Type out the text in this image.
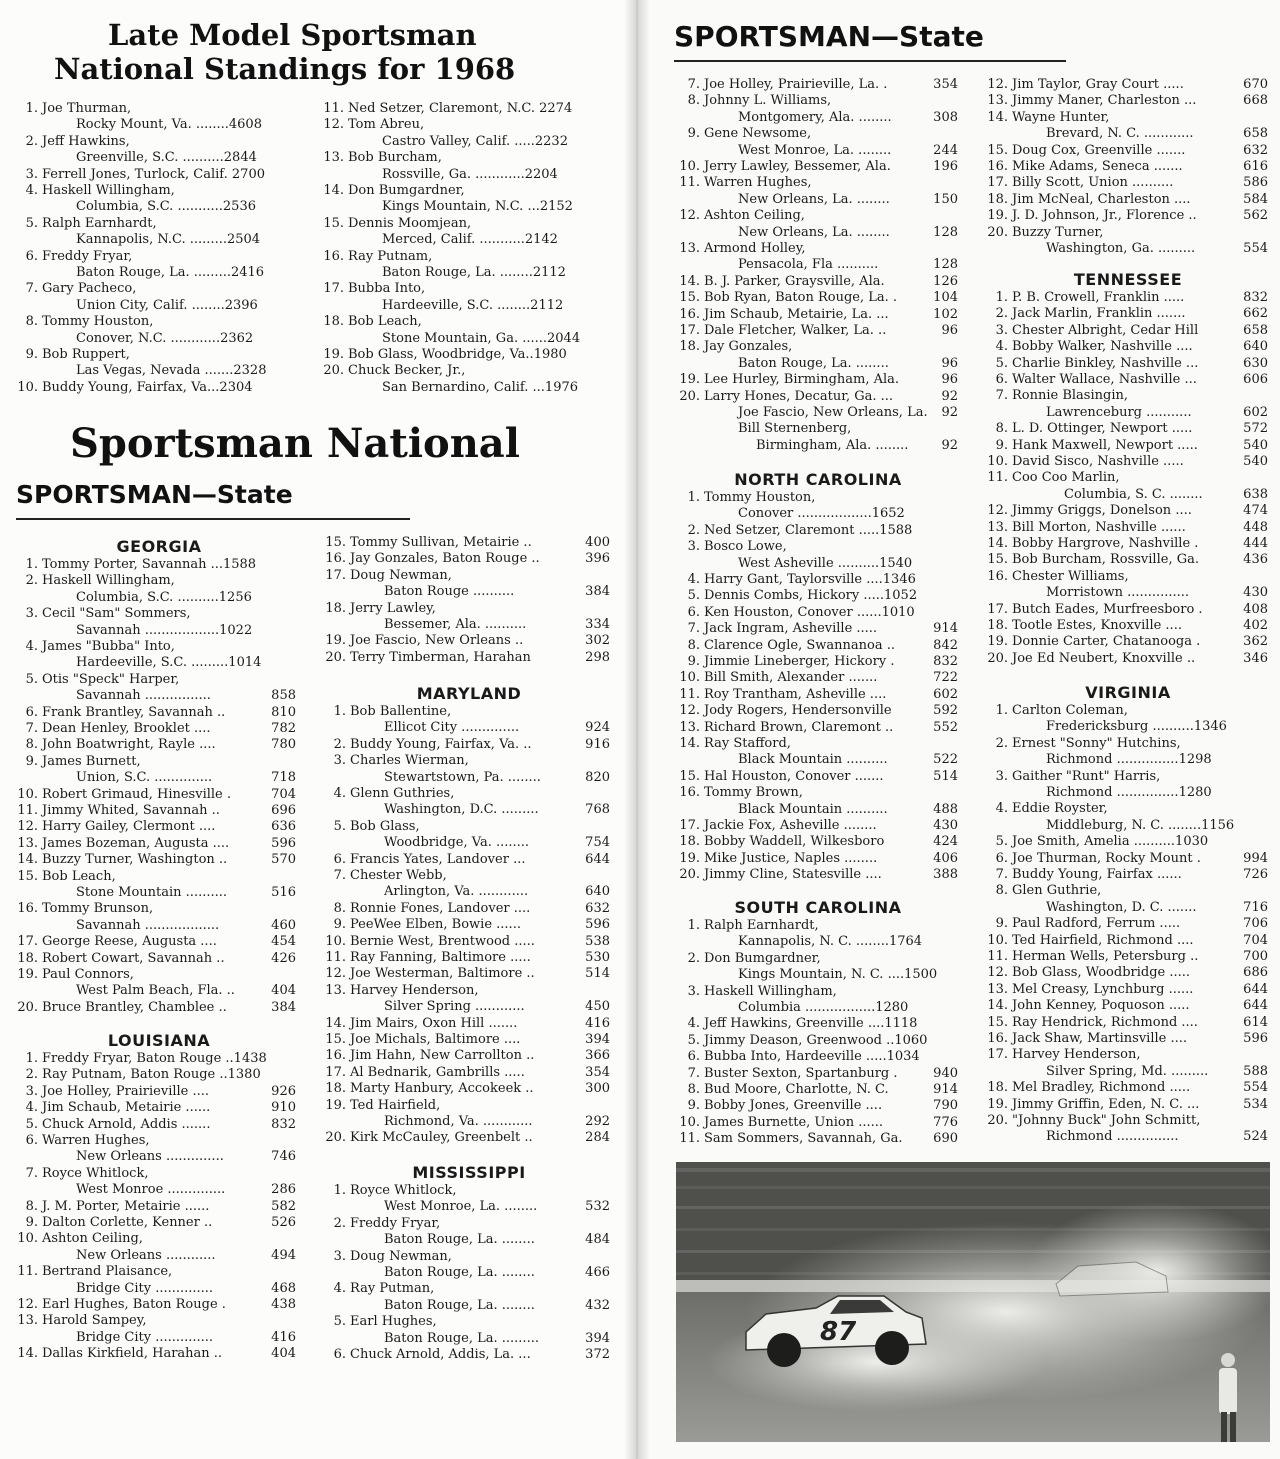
Late Model Sportsman
National Standings for 1968
1. Joe Thurman,
Rocky Mount, Va. ........4608
2. Jeff Hawkins,
Greenville, S.C. ..........2844
3. Ferrell Jones, Turlock, Calif. 2700
4. Haskell Willingham,
Columbia, S.C. ...........2536
5. Ralph Earnhardt,
Kannapolis, N.C. .........2504
6. Freddy Fryar,
Baton Rouge, La. .........2416
7. Gary Pacheco,
Union City, Calif. ........2396
8. Tommy Houston,
Conover, N.C. ............2362
9. Bob Ruppert,
Las Vegas, Nevada .......2328
10. Buddy Young, Fairfax, Va...2304
11. Ned Setzer, Claremont, N.C. 2274
12. Tom Abreu,
Castro Valley, Calif. .....2232
13. Bob Burcham,
Rossville, Ga. ............2204
14. Don Bumgardner,
Kings Mountain, N.C. ...2152
15. Dennis Moomjean,
Merced, Calif. ...........2142
16. Ray Putnam,
Baton Rouge, La. ........2112
17. Bubba Into,
Hardeeville, S.C. ........2112
18. Bob Leach,
Stone Mountain, Ga. ......2044
19. Bob Glass, Woodbridge, Va..1980
20. Chuck Becker, Jr.,
San Bernardino, Calif. ...1976
Sportsman National
SPORTSMAN—State
GEORGIA
1. Tommy Porter, Savannah ...1588
2. Haskell Willingham,
Columbia, S.C. ..........1256
3. Cecil "Sam" Sommers,
Savannah ..................1022
4. James "Bubba" Into,
Hardeeville, S.C. .........1014
5. Otis "Speck" Harper,
Savannah ................	858
6. Frank Brantley, Savannah ..	810
7. Dean Henley, Brooklet ....	782
8. John Boatwright, Rayle ....	780
9. James Burnett,
Union, S.C. ..............	718
10. Robert Grimaud, Hinesville .	704
11. Jimmy Whited, Savannah ..	696
12. Harry Gailey, Clermont ....	636
13. James Bozeman, Augusta ....	596
14. Buzzy Turner, Washington ..	570
15. Bob Leach,
Stone Mountain ..........	516
16. Tommy Brunson,
Savannah ..................	460
17. George Reese, Augusta ....	454
18. Robert Cowart, Savannah ..	426
19. Paul Connors,
West Palm Beach, Fla. ..	404
20. Bruce Brantley, Chamblee ..	384
LOUISIANA
1. Freddy Fryar, Baton Rouge ..1438
2. Ray Putnam, Baton Rouge ..1380
3. Joe Holley, Prairieville ....	926
4. Jim Schaub, Metairie ......	910
5. Chuck Arnold, Addis .......	832
6. Warren Hughes,
New Orleans ..............	746
7. Royce Whitlock,
West Monroe ..............	286
8. J. M. Porter, Metairie ......	582
9. Dalton Corlette, Kenner ..	526
10. Ashton Ceiling,
New Orleans ............	494
11. Bertrand Plaisance,
Bridge City ..............	468
12. Earl Hughes, Baton Rouge .	438
13. Harold Sampey,
Bridge City ..............	416
14. Dallas Kirkfield, Harahan ..	404
15. Tommy Sullivan, Metairie ..	400
16. Jay Gonzales, Baton Rouge ..	396
17. Doug Newman,
Baton Rouge ..........	384
18. Jerry Lawley,
Bessemer, Ala. ..........	334
19. Joe Fascio, New Orleans ..	302
20. Terry Timberman, Harahan	298
MARYLAND
1. Bob Ballentine,
Ellicot City ..............	924
2. Buddy Young, Fairfax, Va. ..	916
3. Charles Wierman,
Stewartstown, Pa. ........	820
4. Glenn Guthries,
Washington, D.C. .........	768
5. Bob Glass,
Woodbridge, Va. ........	754
6. Francis Yates, Landover ...	644
7. Chester Webb,
Arlington, Va. ............	640
8. Ronnie Fones, Landover ....	632
9. PeeWee Elben, Bowie ......	596
10. Bernie West, Brentwood .....	538
11. Ray Fanning, Baltimore .....	530
12. Joe Westerman, Baltimore ..	514
13. Harvey Henderson,
Silver Spring ............	450
14. Jim Mairs, Oxon Hill .......	416
15. Joe Michals, Baltimore ....	394
16. Jim Hahn, New Carrollton ..	366
17. Al Bednarik, Gambrills .....	354
18. Marty Hanbury, Accokeek ..	300
19. Ted Hairfield,
Richmond, Va. ............	292
20. Kirk McCauley, Greenbelt ..	284
MISSISSIPPI
1. Royce Whitlock,
West Monroe, La. ........	532
2. Freddy Fryar,
Baton Rouge, La. ........	484
3. Doug Newman,
Baton Rouge, La. ........	466
4. Ray Putman,
Baton Rouge, La. ........	432
5. Earl Hughes,
Baton Rouge, La. .........	394
6. Chuck Arnold, Addis, La. ...	372
SPORTSMAN—State
7. Joe Holley, Prairieville, La. .	354
8. Johnny L. Williams,
Montgomery, Ala. ........	308
9. Gene Newsome,
West Monroe, La. ........	244
10. Jerry Lawley, Bessemer, Ala.	196
11. Warren Hughes,
New Orleans, La. ........	150
12. Ashton Ceiling,
New Orleans, La. ........	128
13. Armond Holley,
Pensacola, Fla ..........	128
14. B. J. Parker, Graysville, Ala.	126
15. Bob Ryan, Baton Rouge, La. .	104
16. Jim Schaub, Metairie, La. ...	102
17. Dale Fletcher, Walker, La. ..	96
18. Jay Gonzales,
Baton Rouge, La. ........	96
19. Lee Hurley, Birmingham, Ala.	96
20. Larry Hones, Decatur, Ga. ...	92
Joe Fascio, New Orleans, La. 92
Bill Sternenberg,
Birmingham, Ala. ........	92
NORTH CAROLINA
1. Tommy Houston,
Conover ..................1652
2. Ned Setzer, Claremont .....1588
3. Bosco Lowe,
West Asheville ..........1540
4. Harry Gant, Taylorsville ....1346
5. Dennis Combs, Hickory .....1052
6. Ken Houston, Conover ......1010
7. Jack Ingram, Asheville .....	914
8. Clarence Ogle, Swannanoa ..	842
9. Jimmie Lineberger, Hickory .	832
10. Bill Smith, Alexander .......	722
11. Roy Trantham, Asheville ....	602
12. Jody Rogers, Hendersonville	592
13. Richard Brown, Claremont ..	552
14. Ray Stafford,
Black Mountain ..........	522
15. Hal Houston, Conover .......	514
16. Tommy Brown,
Black Mountain ..........	488
17. Jackie Fox, Asheville ........	430
18. Bobby Waddell, Wilkesboro	424
19. Mike Justice, Naples ........	406
20. Jimmy Cline, Statesville ....	388
SOUTH CAROLINA
1. Ralph Earnhardt,
Kannapolis, N. C. ........1764
2. Don Bumgardner,
Kings Mountain, N. C. ....1500
3. Haskell Willingham,
Columbia .................1280
4. Jeff Hawkins, Greenville ....1118
5. Jimmy Deason, Greenwood ..1060
6. Bubba Into, Hardeeville .....1034
7. Buster Sexton, Spartanburg .	940
8. Bud Moore, Charlotte, N. C.	914
9. Bobby Jones, Greenville ....	790
10. James Burnette, Union ......	776
11. Sam Sommers, Savannah, Ga. 690
12. Jim Taylor, Gray Court .....	670
13. Jimmy Maner, Charleston ...	668
14. Wayne Hunter,
Brevard, N. C. ............	658
15. Doug Cox, Greenville .......	632
16. Mike Adams, Seneca .......	616
17. Billy Scott, Union ..........	586
18. Jim McNeal, Charleston ....	584
19. J. D. Johnson, Jr., Florence ..	562
20. Buzzy Turner,
Washington, Ga. .........	554
TENNESSEE
1. P. B. Crowell, Franklin .....	832
2. Jack Marlin, Franklin .......	662
3. Chester Albright, Cedar Hill	658
4. Bobby Walker, Nashville ....	640
5. Charlie Binkley, Nashville ...	630
6. Walter Wallace, Nashville ...	606
7. Ronnie Blasingin,
Lawrenceburg ...........	602
8. L. D. Ottinger, Newport .....	572
9. Hank Maxwell, Newport .....	540
10. David Sisco, Nashville .....	540
11. Coo Coo Marlin,
Columbia, S. C. ........	638
12. Jimmy Griggs, Donelson ....	474
13. Bill Morton, Nashville ......	448
14. Bobby Hargrove, Nashville .	444
15. Bob Burcham, Rossville, Ga.	436
16. Chester Williams,
Morristown ...............	430
17. Butch Eades, Murfreesboro .	408
18. Tootle Estes, Knoxville ....	402
19. Donnie Carter, Chatanooga .	362
20. Joe Ed Neubert, Knoxville ..	346
VIRGINIA
1. Carlton Coleman,
Fredericksburg ..........1346
2. Ernest "Sonny" Hutchins,
Richmond ...............1298
3. Gaither "Runt" Harris,
Richmond ...............1280
4. Eddie Royster,
Middleburg, N. C. ........1156
5. Joe Smith, Amelia ..........1030
6. Joe Thurman, Rocky Mount .	994
7. Buddy Young, Fairfax ......	726
8. Glen Guthrie,
Washington, D. C. .......	716
9. Paul Radford, Ferrum .....	706
10. Ted Hairfield, Richmond ....	704
11. Herman Wells, Petersburg ..	700
12. Bob Glass, Woodbridge .....	686
13. Mel Creasy, Lynchburg ......	644
14. John Kenney, Poquoson .....	644
15. Ray Hendrick, Richmond ....	614
16. Jack Shaw, Martinsville ....	596
17. Harvey Henderson,
Silver Spring, Md. .........	588
18. Mel Bradley, Richmond .....	554
19. Jimmy Griffin, Eden, N. C. ...	534
20. "Johnny Buck" John Schmitt,
Richmond ...............	524
87
